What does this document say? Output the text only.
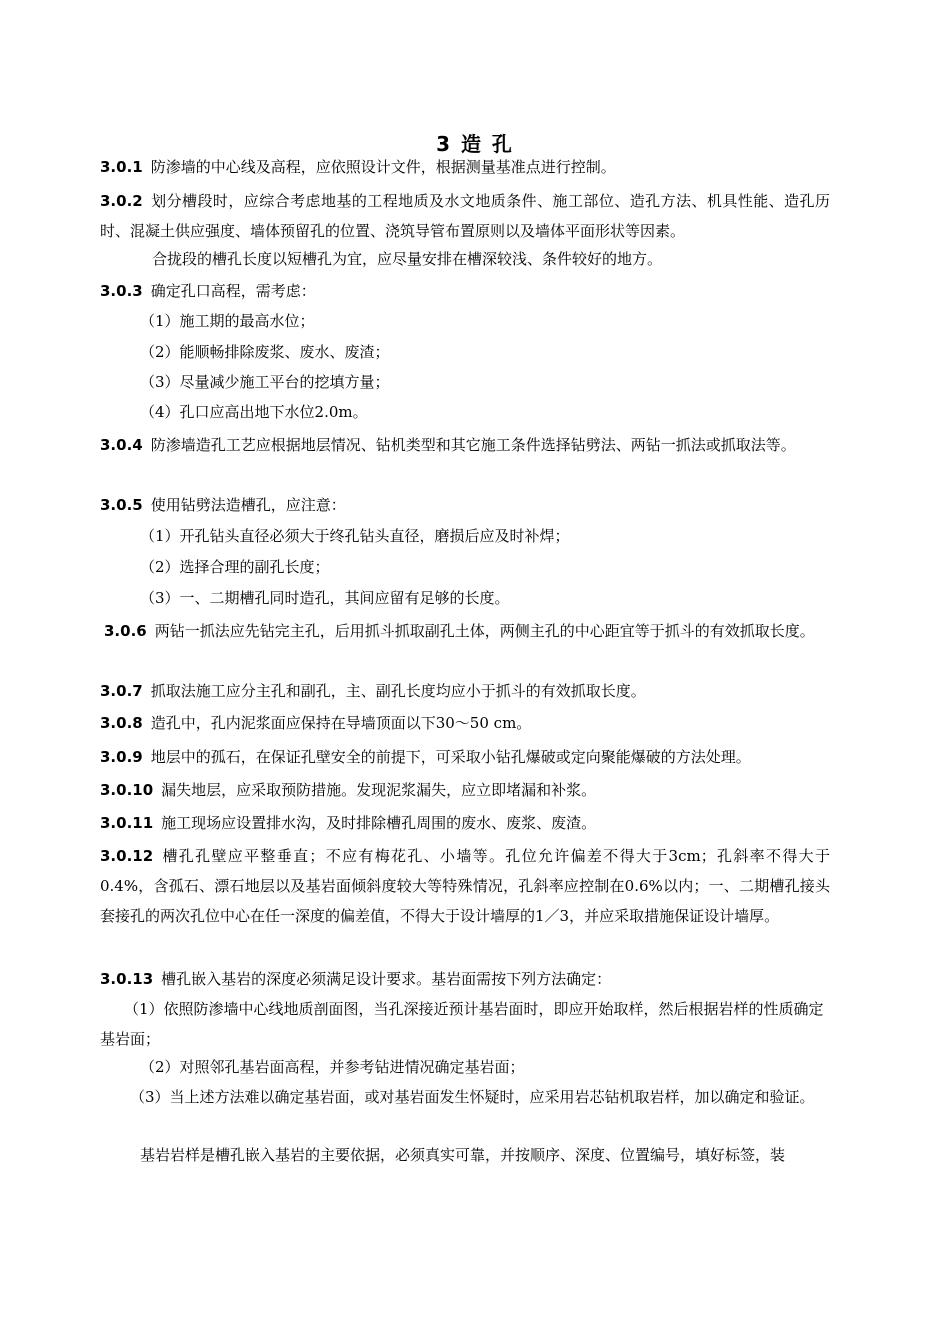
3 造 孔
3.0.1 防渗墙的中心线及高程，应依照设计文件，根据测量基准点进行控制。
3.0.2 划分槽段时，应综合考虑地基的工程地质及水文地质条件、施工部位、造孔方法、机具性能、造孔历时、混凝土供应强度、墙体预留孔的位置、浇筑导管布置原则以及墙体平面形状等因素。
合拢段的槽孔长度以短槽孔为宜，应尽量安排在槽深较浅、条件较好的地方。
3.0.3 确定孔口高程，需考虑：
（1）施工期的最高水位；
（2）能顺畅排除废浆、废水、废渣；
（3）尽量减少施工平台的挖填方量；
（4）孔口应高出地下水位2.0m。
3.0.4 防渗墙造孔工艺应根据地层情况、钻机类型和其它施工条件选择钻劈法、两钻一抓法或抓取法等。
3.0.5 使用钻劈法造槽孔，应注意：
（1）开孔钻头直径必须大于终孔钻头直径，磨损后应及时补焊；
（2）选择合理的副孔长度；
（3）一、二期槽孔同时造孔，其间应留有足够的长度。
3.0.6 两钻一抓法应先钻完主孔，后用抓斗抓取副孔土体，两侧主孔的中心距宜等于抓斗的有效抓取长度。
3.0.7 抓取法施工应分主孔和副孔，主、副孔长度均应小于抓斗的有效抓取长度。
3.0.8 造孔中，孔内泥浆面应保持在导墙顶面以下30～50 cm。
3.0.9 地层中的孤石，在保证孔壁安全的前提下，可采取小钻孔爆破或定向聚能爆破的方法处理。
3.0.10 漏失地层，应采取预防措施。发现泥浆漏失，应立即堵漏和补浆。
3.0.11 施工现场应设置排水沟，及时排除槽孔周围的废水、废浆、废渣。
3.0.12 槽孔孔壁应平整垂直；不应有梅花孔、小墙等。孔位允许偏差不得大于3cm；孔斜率不得大于0.4%，含孤石、漂石地层以及基岩面倾斜度较大等特殊情况，孔斜率应控制在0.6%以内；一、二期槽孔接头套接孔的两次孔位中心在任一深度的偏差值，不得大于设计墙厚的1／3，并应采取措施保证设计墙厚。
3.0.13 槽孔嵌入基岩的深度必须满足设计要求。基岩面需按下列方法确定：
（1）依照防渗墙中心线地质剖面图，当孔深接近预计基岩面时，即应开始取样，然后根据岩样的性质确定基岩面；
（2）对照邻孔基岩面高程，并参考钻进情况确定基岩面；
（3）当上述方法难以确定基岩面，或对基岩面发生怀疑时，应采用岩芯钻机取岩样，加以确定和验证。
基岩岩样是槽孔嵌入基岩的主要依据，必须真实可靠，并按顺序、深度、位置编号，填好标签，装
